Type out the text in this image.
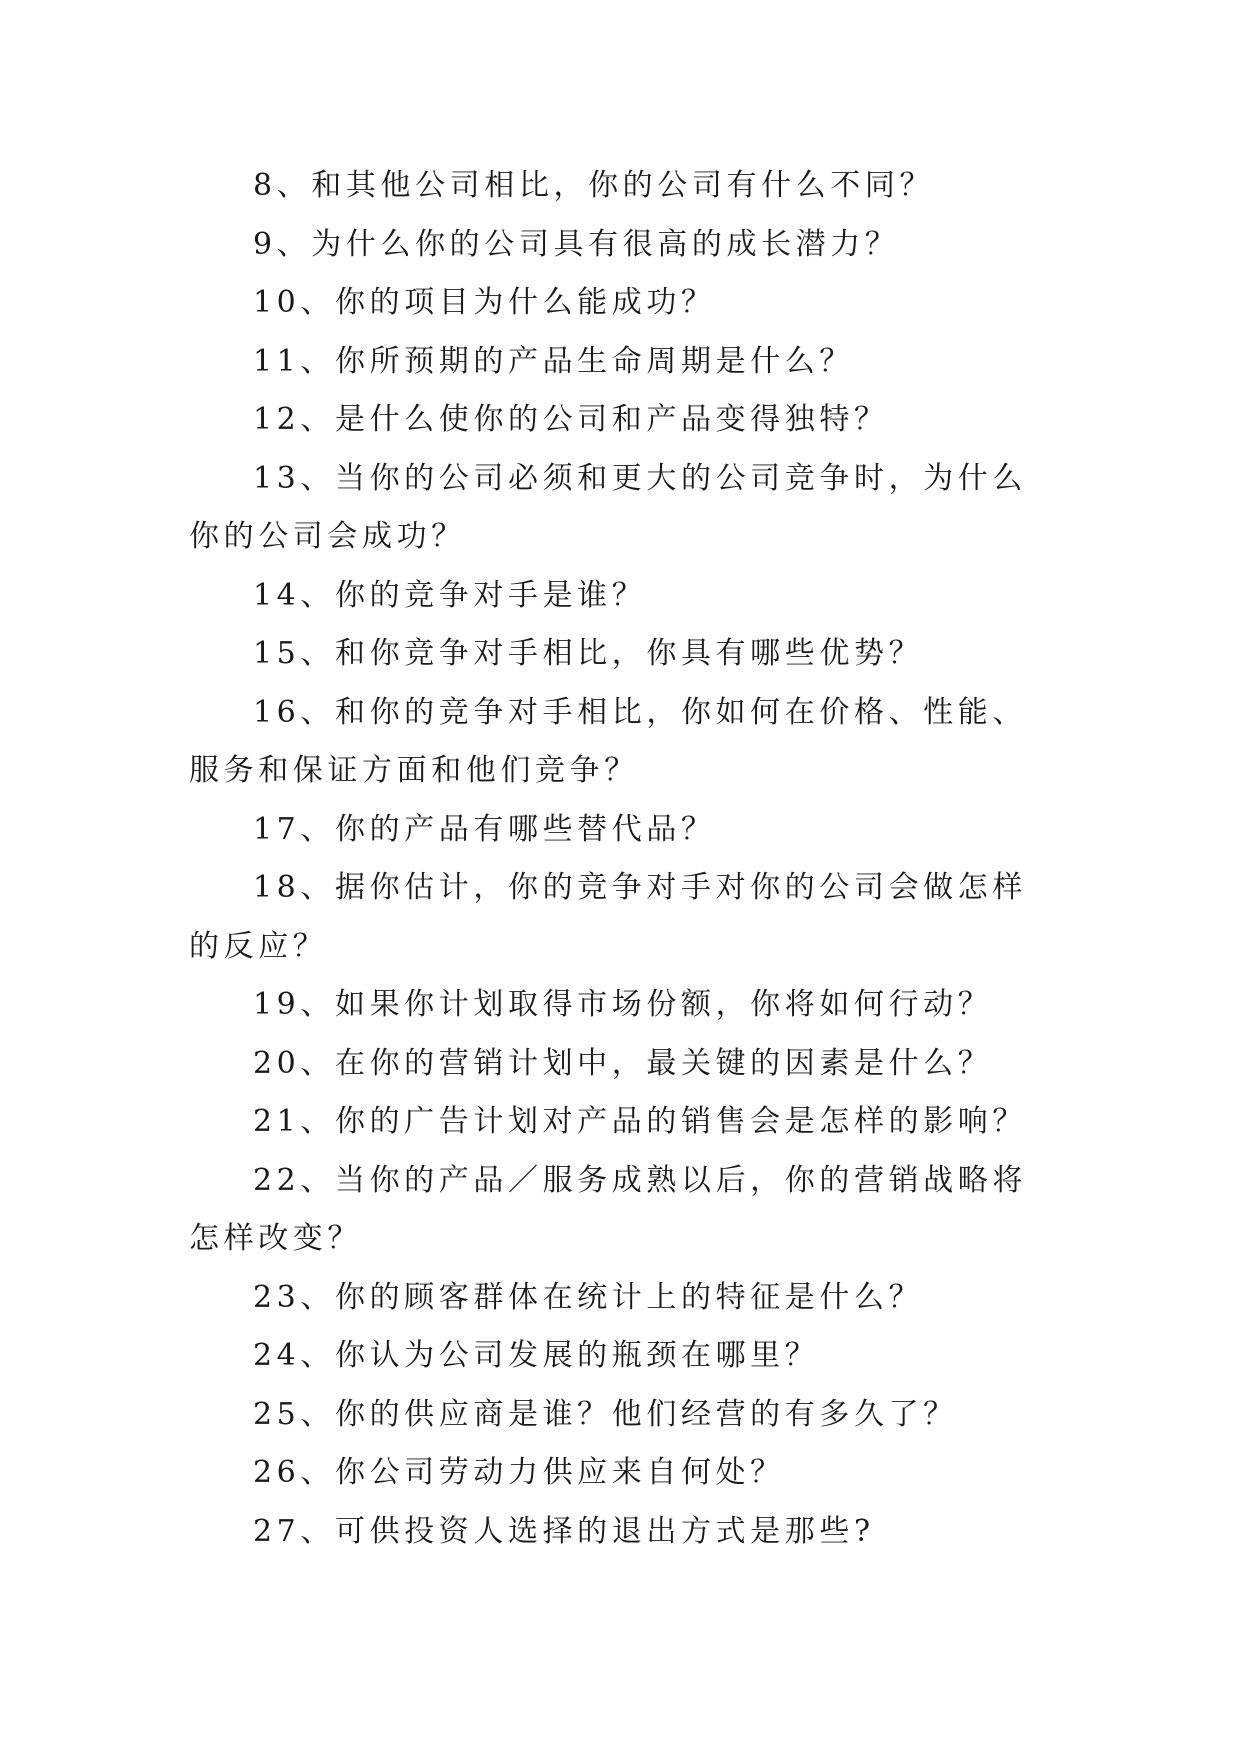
8、和其他公司相比，你的公司有什么不同？

9、为什么你的公司具有很高的成长潜力？

10、你的项目为什么能成功？

11、你所预期的产品生命周期是什么？

12、是什么使你的公司和产品变得独特？

13、当你的公司必须和更大的公司竞争时，为什么你的公司会成功？

14、你的竞争对手是谁？

15、和你竞争对手相比，你具有哪些优势？

16、和你的竞争对手相比，你如何在价格、性能、服务和保证方面和他们竞争？

17、你的产品有哪些替代品？

18、据你估计，你的竞争对手对你的公司会做怎样的反应？

19、如果你计划取得市场份额，你将如何行动？

20、在你的营销计划中，最关键的因素是什么？

21、你的广告计划对产品的销售会是怎样的影响？

22、当你的产品／服务成熟以后，你的营销战略将怎样改变？

23、你的顾客群体在统计上的特征是什么？

24、你认为公司发展的瓶颈在哪里？

25、你的供应商是谁？他们经营的有多久了？

26、你公司劳动力供应来自何处？

27、可供投资人选择的退出方式是那些?
